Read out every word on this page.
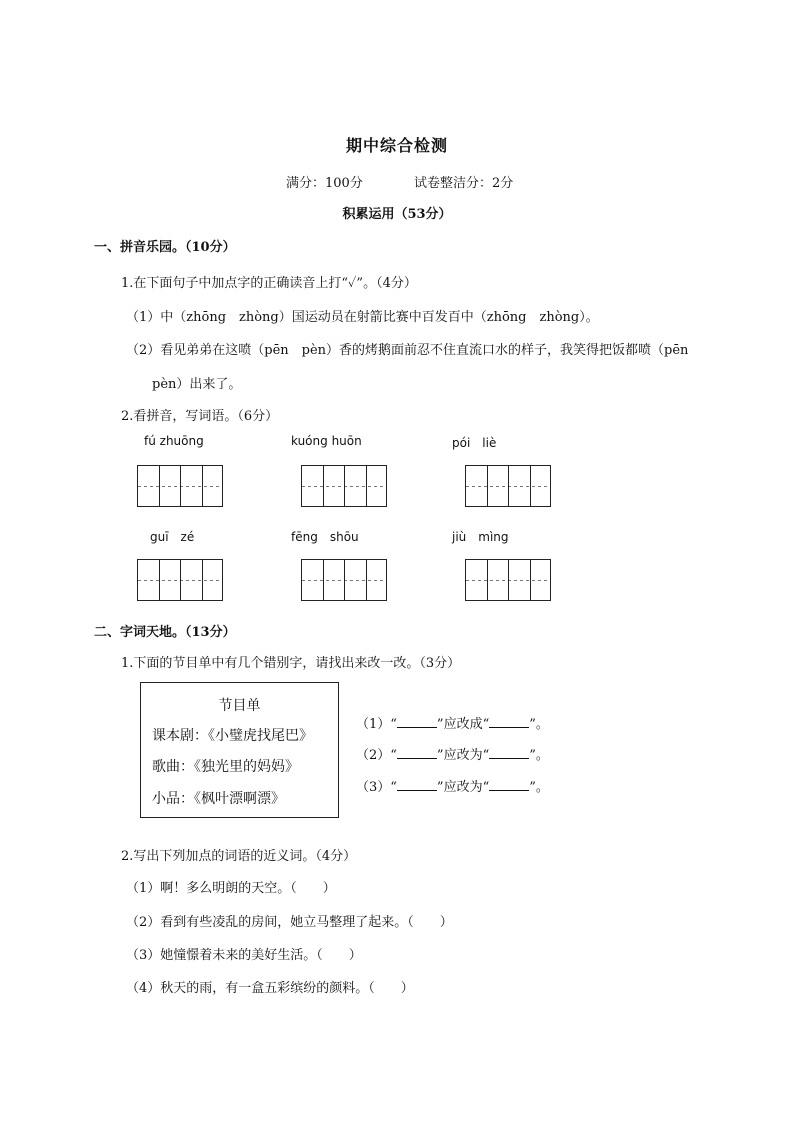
期中综合检测
满分：100分	试卷整洁分：2分
积累运用（53分）
一、拼音乐园。（10分）
1.在下面句子中加点字的正确读音上打“✓”。（4分）
（1）中（zhōng　zhòng）国运动员在射箭比赛中百发百中（zhōng　zhòng）。
（2）看见弟弟在这喷（pēn　pèn）香的烤鹅面前忍不住直流口水的样子，我笑得把饭都喷（pēn
pèn）出来了。
2.看拼音，写词语。（6分）
fú zhuōng	kuóng huōn	pói　liè
guī　zé	fēng　shōu	jiù　mìng
二、字词天地。（13分）
1.下面的节目单中有几个错别字，请找出来改一改。（3分）
节目单
课本剧：《小璧虎找尾巴》
歌曲：《独光里的妈妈》
小品：《枫叶漂啊漂》
（1）“	”应改成“	”。
（2）“	”应改为“	”。
（3）“	”应改为“	”。
2.写出下列加点的词语的近义词。（4分）
（1）啊！多么明朗的天空。（　　）
（2）看到有些凌乱的房间，她立马整理了起来。（　　）
（3）她憧憬着未来的美好生活。（　　）
（4）秋天的雨，有一盒五彩缤纷的颜料。（　　）
